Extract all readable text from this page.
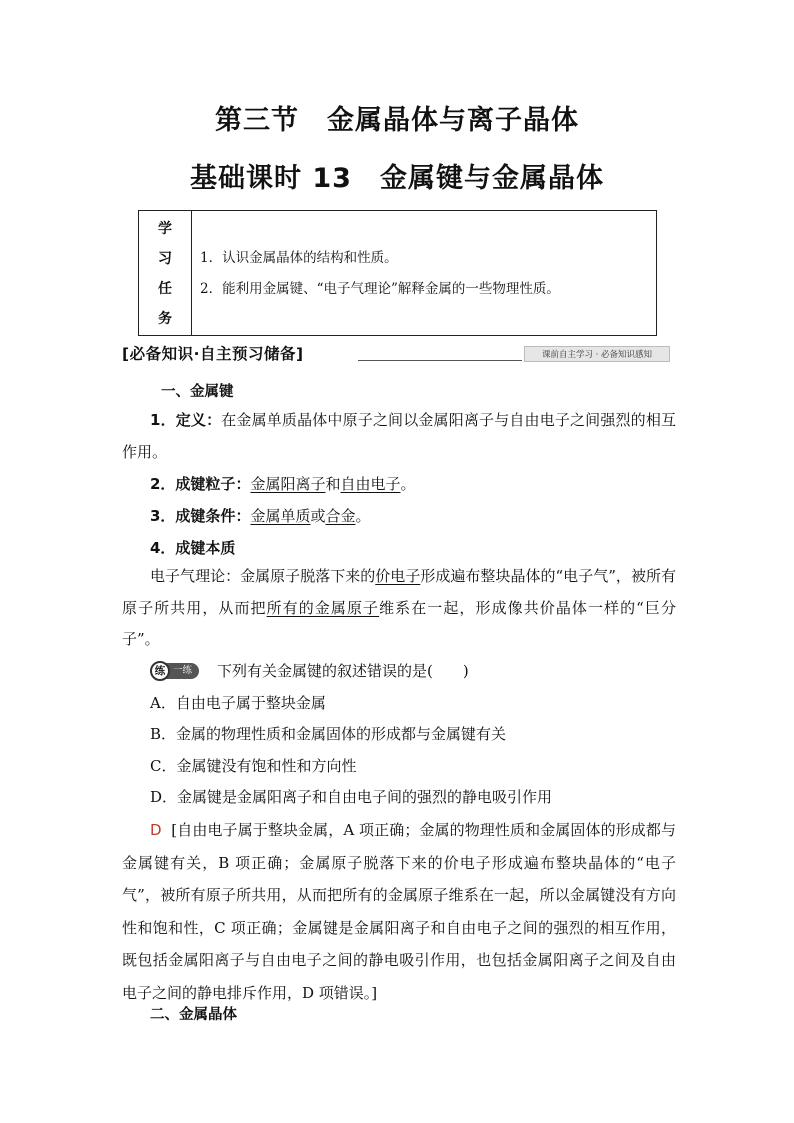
第三节 金属晶体与离子晶体
基础课时 13 金属键与金属晶体
学
习
任
务
1．认识金属晶体的结构和性质。
2．能利用金属键、“电子气理论”解释金属的一些物理性质。
[必备知识·自主预习储备]	课前自主学习 · 必备知识感知
一、金属键
1．定义：在金属单质晶体中原子之间以金属阳离子与自由电子之间强烈的相互作用。
2．成键粒子：金属阳离子和自由电子。
3．成键条件：金属单质或合金。
4．成键本质
电子气理论：金属原子脱落下来的价电子形成遍布整块晶体的“电子气”，被所有原子所共用，从而把所有的金属原子维系在一起，形成像共价晶体一样的“巨分子”。
练 一练	下列有关金属键的叙述错误的是(　　)
A．自由电子属于整块金属
B．金属的物理性质和金属固体的形成都与金属键有关
C．金属键没有饱和性和方向性
D．金属键是金属阳离子和自由电子间的强烈的静电吸引作用
D [自由电子属于整块金属，A 项正确；金属的物理性质和金属固体的形成都与金属键有关，B 项正确；金属原子脱落下来的价电子形成遍布整块晶体的“电子气”，被所有原子所共用，从而把所有的金属原子维系在一起，所以金属键没有方向性和饱和性，C 项正确；金属键是金属阳离子和自由电子之间的强烈的相互作用，既包括金属阳离子与自由电子之间的静电吸引作用，也包括金属阳离子之间及自由电子之间的静电排斥作用，D 项错误。]
二、金属晶体
